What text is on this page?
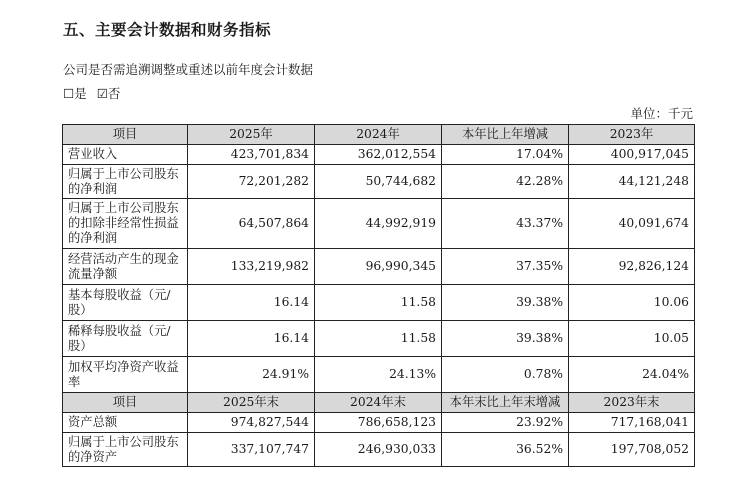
五、主要会计数据和财务指标
公司是否需追溯调整或重述以前年度会计数据
☐是 ☑否
单位：千元
项目	2025年	2024年	本年比上年增减	2023年
营业收入	423,701,834	362,012,554	17.04%	400,917,045
归属于上市公司股东的净利润	72,201,282	50,744,682	42.28%	44,121,248
归属于上市公司股东的扣除非经常性损益的净利润	64,507,864	44,992,919	43.37%	40,091,674
经营活动产生的现金流量净额	133,219,982	96,990,345	37.35%	92,826,124
基本每股收益（元/股）	16.14	11.58	39.38%	10.06
稀释每股收益（元/股）	16.14	11.58	39.38%	10.05
加权平均净资产收益率	24.91%	24.13%	0.78%	24.04%
项目	2025年末	2024年末	本年末比上年末增减	2023年末
资产总额	974,827,544	786,658,123	23.92%	717,168,041
归属于上市公司股东的净资产	337,107,747	246,930,033	36.52%	197,708,052
